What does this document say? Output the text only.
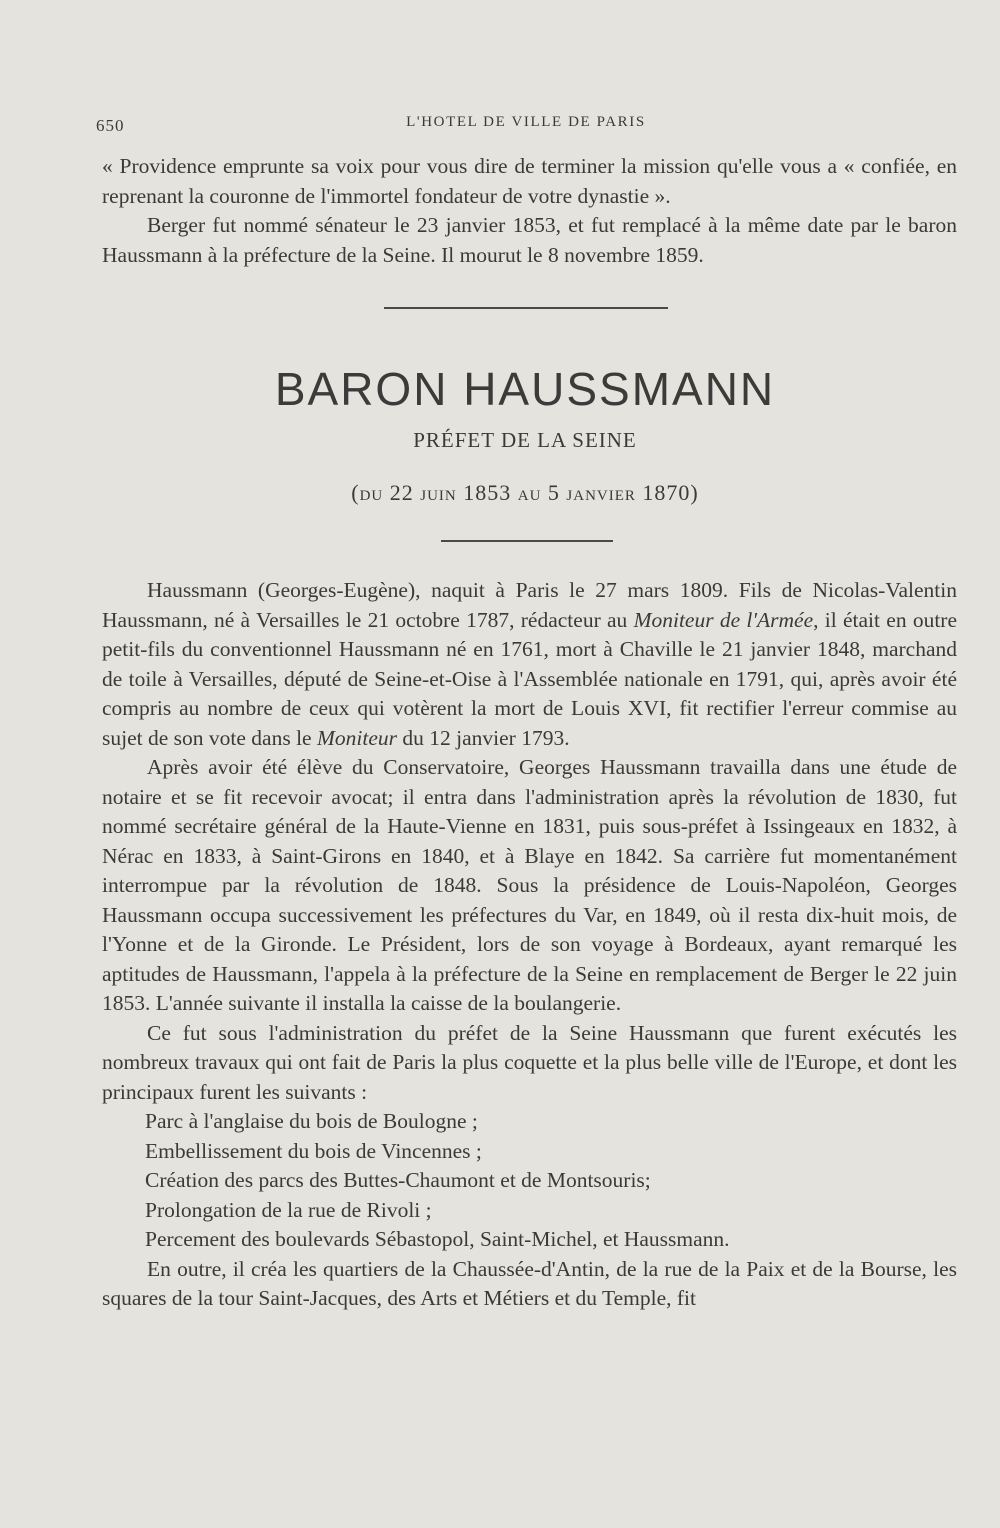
650	L'HOTEL DE VILLE DE PARIS

« Providence emprunte sa voix pour vous dire de terminer la mission qu'elle vous a « confiée, en reprenant la couronne de l'immortel fondateur de votre dynastie ».

Berger fut nommé sénateur le 23 janvier 1853, et fut remplacé à la même date par le baron Haussmann à la préfecture de la Seine. Il mourut le 8 novembre 1859.

BARON HAUSSMANN
PRÉFET DE LA SEINE
(du 22 juin 1853 au 5 janvier 1870)

Haussmann (Georges-Eugène), naquit à Paris le 27 mars 1809. Fils de Nicolas-Valentin Haussmann, né à Versailles le 21 octobre 1787, rédacteur au Moniteur de l'Armée, il était en outre petit-fils du conventionnel Haussmann né en 1761, mort à Chaville le 21 janvier 1848, marchand de toile à Versailles, député de Seine-et-Oise à l'Assemblée nationale en 1791, qui, après avoir été compris au nombre de ceux qui votèrent la mort de Louis XVI, fit rectifier l'erreur commise au sujet de son vote dans le Moniteur du 12 janvier 1793.

Après avoir été élève du Conservatoire, Georges Haussmann travailla dans une étude de notaire et se fit recevoir avocat; il entra dans l'administration après la révolution de 1830, fut nommé secrétaire général de la Haute-Vienne en 1831, puis sous-préfet à Issingeaux en 1832, à Nérac en 1833, à Saint-Girons en 1840, et à Blaye en 1842. Sa carrière fut momentanément interrompue par la révolution de 1848. Sous la présidence de Louis-Napoléon, Georges Haussmann occupa successivement les préfectures du Var, en 1849, où il resta dix-huit mois, de l'Yonne et de la Gironde. Le Président, lors de son voyage à Bordeaux, ayant remarqué les aptitudes de Haussmann, l'appela à la préfecture de la Seine en remplacement de Berger le 22 juin 1853. L'année suivante il installa la caisse de la boulangerie.

Ce fut sous l'administration du préfet de la Seine Haussmann que furent exécutés les nombreux travaux qui ont fait de Paris la plus coquette et la plus belle ville de l'Europe, et dont les principaux furent les suivants :

Parc à l'anglaise du bois de Boulogne ;

Embellissement du bois de Vincennes ;

Création des parcs des Buttes-Chaumont et de Montsouris;

Prolongation de la rue de Rivoli ;

Percement des boulevards Sébastopol, Saint-Michel, et Haussmann.

En outre, il créa les quartiers de la Chaussée-d'Antin, de la rue de la Paix et de la Bourse, les squares de la tour Saint-Jacques, des Arts et Métiers et du Temple, fit
